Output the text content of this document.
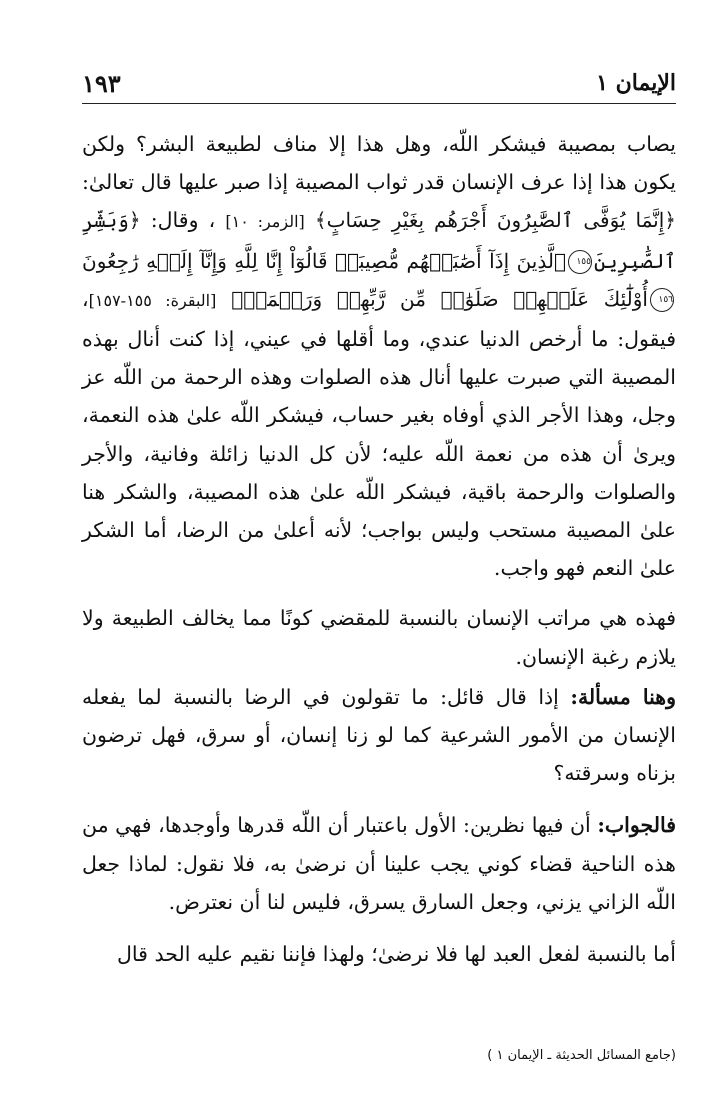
الإيمان ١
١٩٣

يصاب بمصيبة فيشكر اللّه، وهل هذا إلا مناف لطبيعة البشر؟ ولكن يكون هذا إذا عرف الإنسان قدر ثواب المصيبة إذا صبر عليها قال تعالىٰ: ﴿إِنَّمَا يُوَفَّى ٱلصَّٰبِرُونَ أَجْرَهُم بِغَيْرِ حِسَابٍ﴾ [الزمر: ١٠] ، وقال: ﴿وَبَشِّرِ ٱلصَّٰبِرِينَ١٥٥ٱلَّذِينَ إِذَآ أَصَٰبَتۡهُم مُّصِيبَةٞ قَالُوٓاْ إِنَّا لِلَّهِ وَإِنَّآ إِلَيۡهِ رَٰجِعُونَ١٥٦أُوْلَٰٓئِكَ عَلَيۡهِمۡ صَلَوَٰتٞ مِّن رَّبِّهِمۡ وَرَحۡمَةٞ﴾ [البقرة: ١٥٥-١٥٧]، فيقول: ما أرخص الدنيا عندي، وما أقلها في عيني، إذا كنت أنال بهذه المصيبة التي صبرت عليها أنال هذه الصلوات وهذه الرحمة من اللّه عز وجل، وهذا الأجر الذي أوفاه بغير حساب، فيشكر اللّه علىٰ هذه النعمة، ويرىٰ أن هذه من نعمة اللّه عليه؛ لأن كل الدنيا زائلة وفانية، والأجر والصلوات والرحمة باقية، فيشكر اللّه علىٰ هذه المصيبة، والشكر هنا علىٰ المصيبة مستحب وليس بواجب؛ لأنه أعلىٰ من الرضا، أما الشكر علىٰ النعم فهو واجب.

فهذه هي مراتب الإنسان بالنسبة للمقضي كونًا مما يخالف الطبيعة ولا يلازم رغبة الإنسان.

وهنا مسألة: إذا قال قائل: ما تقولون في الرضا بالنسبة لما يفعله الإنسان من الأمور الشرعية كما لو زنا إنسان، أو سرق، فهل ترضون بزناه وسرقته؟

فالجواب: أن فيها نظرين: الأول باعتبار أن اللّه قدرها وأوجدها، فهي من هذه الناحية قضاء كوني يجب علينا أن نرضىٰ به، فلا نقول: لماذا جعل اللّه الزاني يزني، وجعل السارق يسرق، فليس لنا أن نعترض.

أما بالنسبة لفعل العبد لها فلا نرضىٰ؛ ولهذا فإننا نقيم عليه الحد قال

(جامع المسائل الحديثة ـ الإيمان ١ )
